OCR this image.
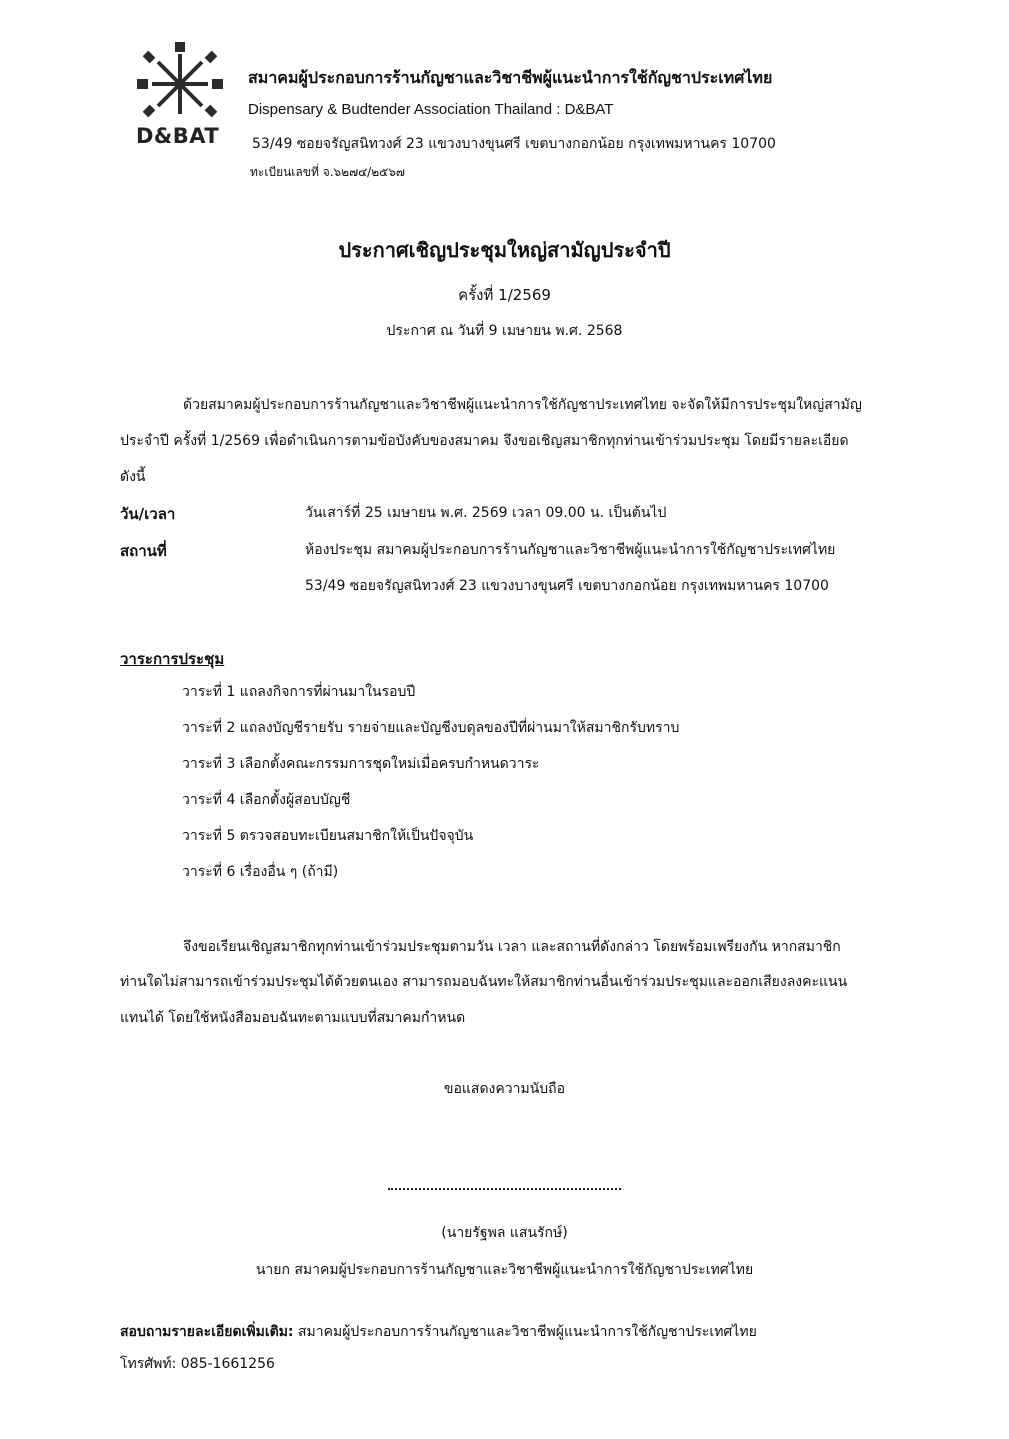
D&BAT
สมาคมผู้ประกอบการร้านกัญชาและวิชาชีพผู้แนะนำการใช้กัญชาประเทศไทย
Dispensary & Budtender Association Thailand : D&BAT
53/49 ซอยจรัญสนิทวงศ์ 23 แขวงบางขุนศรี เขตบางกอกน้อย กรุงเทพมหานคร 10700
ทะเบียนเลขที่ จ.๖๒๗๔/๒๕๖๗
ประกาศเชิญประชุมใหญ่สามัญประจำปี
ครั้งที่ 1/2569
ประกาศ ณ วันที่ 9 เมษายน พ.ศ. 2568
ด้วยสมาคมผู้ประกอบการร้านกัญชาและวิชาชีพผู้แนะนำการใช้กัญชาประเทศไทย จะจัดให้มีการประชุมใหญ่สามัญ
ประจำปี ครั้งที่ 1/2569 เพื่อดำเนินการตามข้อบังคับของสมาคม จึงขอเชิญสมาชิกทุกท่านเข้าร่วมประชุม โดยมีรายละเอียด
ดังนี้
วัน/เวลา	วันเสาร์ที่ 25 เมษายน พ.ศ. 2569 เวลา 09.00 น. เป็นต้นไป
สถานที่	ห้องประชุม สมาคมผู้ประกอบการร้านกัญชาและวิชาชีพผู้แนะนำการใช้กัญชาประเทศไทย
53/49 ซอยจรัญสนิทวงศ์ 23 แขวงบางขุนศรี เขตบางกอกน้อย กรุงเทพมหานคร 10700
วาระการประชุม
วาระที่ 1 แถลงกิจการที่ผ่านมาในรอบปี
วาระที่ 2 แถลงบัญชีรายรับ รายจ่ายและบัญชีงบดุลของปีที่ผ่านมาให้สมาชิกรับทราบ
วาระที่ 3 เลือกตั้งคณะกรรมการชุดใหม่เมื่อครบกำหนดวาระ
วาระที่ 4 เลือกตั้งผู้สอบบัญชี
วาระที่ 5 ตรวจสอบทะเบียนสมาชิกให้เป็นปัจจุบัน
วาระที่ 6 เรื่องอื่น ๆ (ถ้ามี)
จึงขอเรียนเชิญสมาชิกทุกท่านเข้าร่วมประชุมตามวัน เวลา และสถานที่ดังกล่าว โดยพร้อมเพรียงกัน หากสมาชิก
ท่านใดไม่สามารถเข้าร่วมประชุมได้ด้วยตนเอง สามารถมอบฉันทะให้สมาชิกท่านอื่นเข้าร่วมประชุมและออกเสียงลงคะแนน
แทนได้ โดยใช้หนังสือมอบฉันทะตามแบบที่สมาคมกำหนด
ขอแสดงความนับถือ
(นายรัฐพล แสนรักษ์)
นายก สมาคมผู้ประกอบการร้านกัญชาและวิชาชีพผู้แนะนำการใช้กัญชาประเทศไทย
สอบถามรายละเอียดเพิ่มเติม: สมาคมผู้ประกอบการร้านกัญชาและวิชาชีพผู้แนะนำการใช้กัญชาประเทศไทย
โทรศัพท์: 085-1661256
